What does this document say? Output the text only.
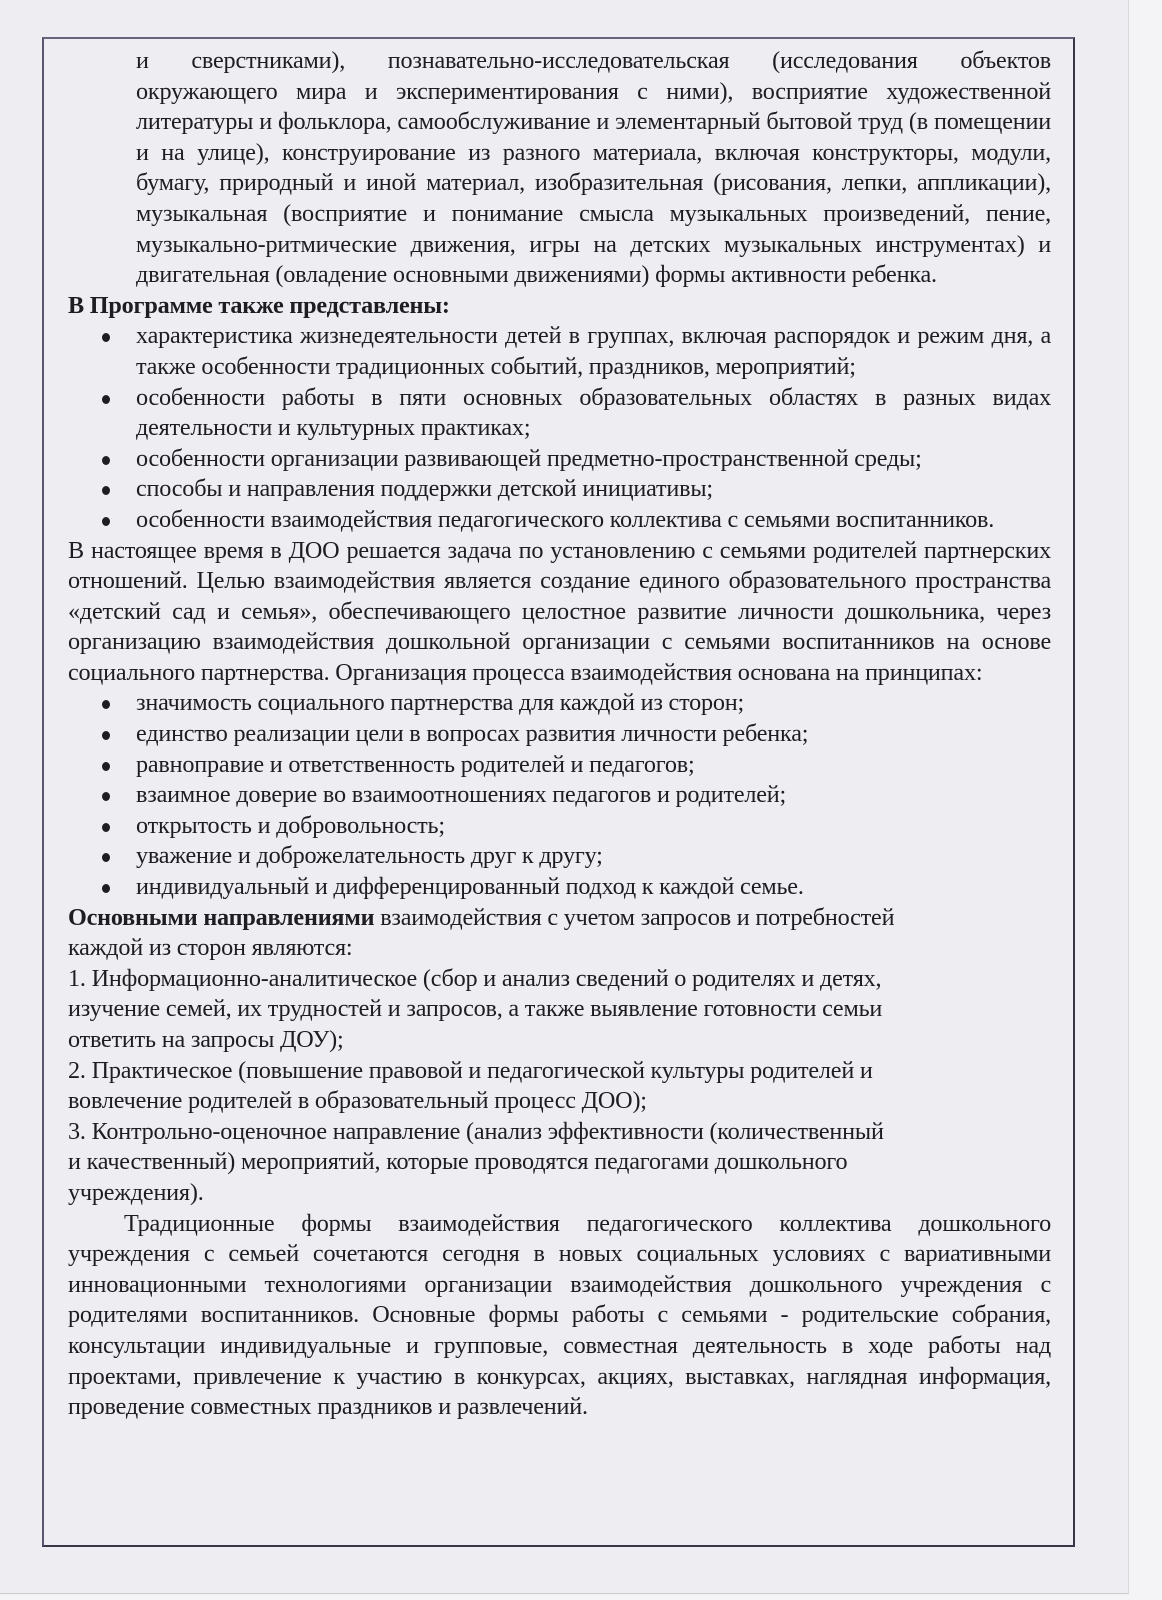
и сверстниками), познавательно-исследовательская (исследования объектов окружающего мира и экспериментирования с ними), восприятие художественной литературы и фольклора, самообслуживание и элементарный бытовой труд (в помещении и на улице), конструирование из разного материала, включая конструкторы, модули, бумагу, природный и иной материал, изобразительная (рисования, лепки, аппликации), музыкальная (восприятие и понимание смысла музыкальных произведений, пение, музыкально-ритмические движения, игры на детских музыкальных инструментах) и двигательная (овладение основными движениями) формы активности ребенка.

В Программе также представлены:

характеристика жизнедеятельности детей в группах, включая распорядок и режим дня, а также особенности традиционных событий, праздников, мероприятий;
особенности работы в пяти основных образовательных областях в разных видах деятельности и культурных практиках;
особенности организации развивающей предметно-пространственной среды;
способы и направления поддержки детской инициативы;
особенности взаимодействия педагогического коллектива с семьями воспитанников.

В настоящее время в ДОО решается задача по установлению с семьями родителей партнерских отношений. Целью взаимодействия является создание единого образовательного пространства «детский сад и семья», обеспечивающего целостное развитие личности дошкольника, через организацию взаимодействия дошкольной организации с семьями воспитанников на основе социального партнерства. Организация процесса взаимодействия основана на принципах:

значимость социального партнерства для каждой из сторон;
единство реализации цели в вопросах развития личности ребенка;
равноправие и ответственность родителей и педагогов;
взаимное доверие во взаимоотношениях педагогов и родителей;
открытость и добровольность;
уважение и доброжелательность друг к другу;
индивидуальный и дифференцированный подход к каждой семье.

Основными направлениями взаимодействия с учетом запросов и потребностей каждой из сторон являются:

1. Информационно-аналитическое (сбор и анализ сведений о родителях и детях, изучение семей, их трудностей и запросов, а также выявление готовности семьи ответить на запросы ДОУ);

2. Практическое (повышение правовой и педагогической культуры родителей и вовлечение родителей в образовательный процесс ДОО);

3. Контрольно-оценочное направление (анализ эффективности (количественный и качественный) мероприятий, которые проводятся педагогами дошкольного учреждения).

Традиционные формы взаимодействия педагогического коллектива дошкольного учреждения с семьей сочетаются сегодня в новых социальных условиях с вариативными инновационными технологиями организации взаимодействия дошкольного учреждения с родителями воспитанников. Основные формы работы с семьями - родительские собрания, консультации индивидуальные и групповые, совместная деятельность в ходе работы над проектами, привлечение к участию в конкурсах, акциях, выставках, наглядная информация, проведение совместных праздников и развлечений.
